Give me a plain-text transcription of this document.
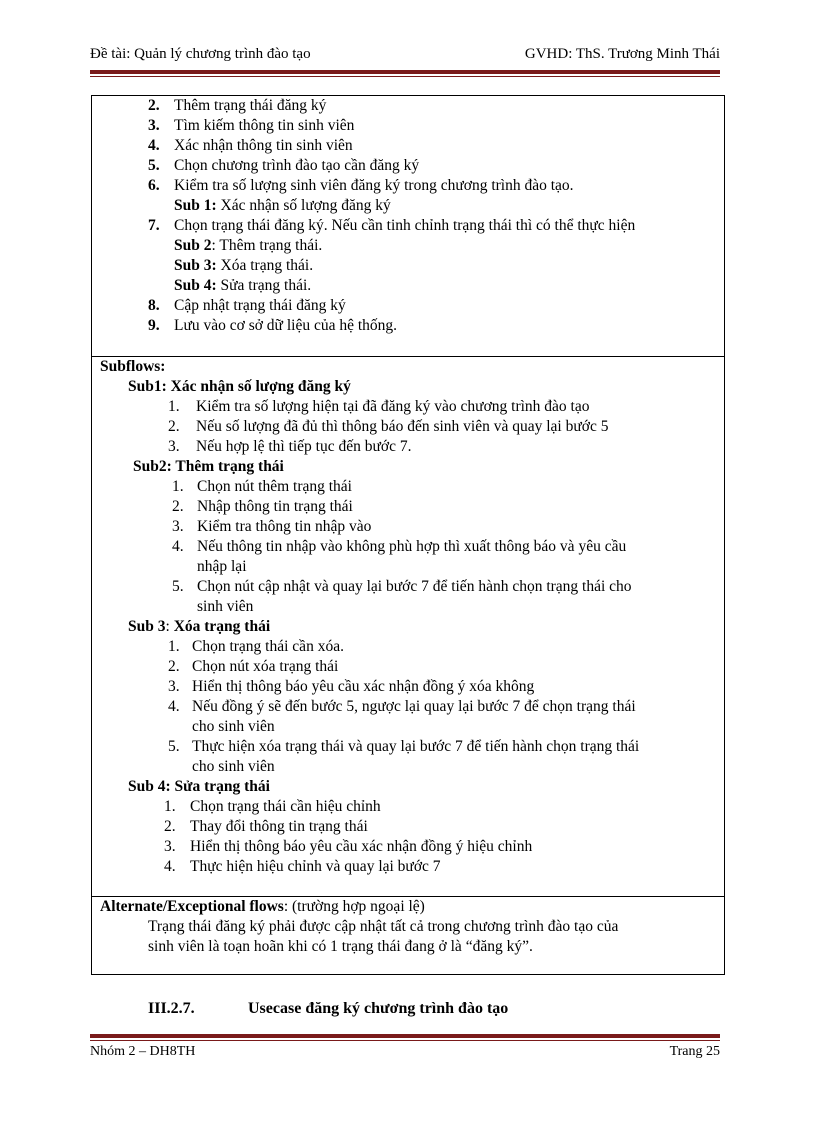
Đề tài: Quản lý chương trình đào tạo	GVHD: ThS. Trương Minh Thái
2. Thêm trạng thái đăng ký
3. Tìm kiếm thông tin sinh viên
4. Xác nhận thông tin sinh viên
5. Chọn chương trình đào tạo cần đăng ký
6. Kiểm tra số lượng sinh viên đăng ký trong chương trình đào tạo.
Sub 1: Xác nhận số lượng đăng ký
7. Chọn trạng thái đăng ký. Nếu cần tinh chỉnh trạng thái thì có thể thực hiện
Sub 2: Thêm trạng thái.
Sub 3: Xóa trạng thái.
Sub 4: Sửa trạng thái.
8. Cập nhật trạng thái đăng ký
9. Lưu vào cơ sở dữ liệu của hệ thống.
Subflows:
Sub1: Xác nhận số lượng đăng ký
1. Kiểm tra số lượng hiện tại đã đăng ký vào chương trình đào tạo
2. Nếu số lượng đã đủ thì thông báo đến sinh viên và quay lại bước 5
3. Nếu hợp lệ thì tiếp tục đến bước 7.
Sub2: Thêm trạng thái
1. Chọn nút thêm trạng thái
2. Nhập thông tin trạng thái
3. Kiểm tra thông tin nhập vào
4. Nếu thông tin nhập vào không phù hợp thì xuất thông báo và yêu cầu
nhập lại
5. Chọn nút cập nhật và quay lại bước 7 để tiến hành chọn trạng thái cho
sinh viên
Sub 3: Xóa trạng thái
1. Chọn trạng thái cần xóa.
2. Chọn nút xóa trạng thái
3. Hiển thị thông báo yêu cầu xác nhận đồng ý xóa không
4. Nếu đồng ý sẽ đến bước 5, ngược lại quay lại bước 7 để chọn trạng thái
cho sinh viên
5. Thực hiện xóa trạng thái và quay lại bước 7 để tiến hành chọn trạng thái
cho sinh viên
Sub 4: Sửa trạng thái
1. Chọn trạng thái cần hiệu chỉnh
2. Thay đổi thông tin trạng thái
3. Hiển thị thông báo yêu cầu xác nhận đồng ý hiệu chỉnh
4. Thực hiện hiệu chỉnh và quay lại bước 7
Alternate/Exceptional flows: (trường hợp ngoại lệ)
Trạng thái đăng ký phải được cập nhật tất cả trong chương trình đào tạo của
sinh viên là toạn hoãn khi có 1 trạng thái đang ở là “đăng ký”.
III.2.7.	Usecase đăng ký chương trình đào tạo
Nhóm 2 – DH8TH	Trang 25
